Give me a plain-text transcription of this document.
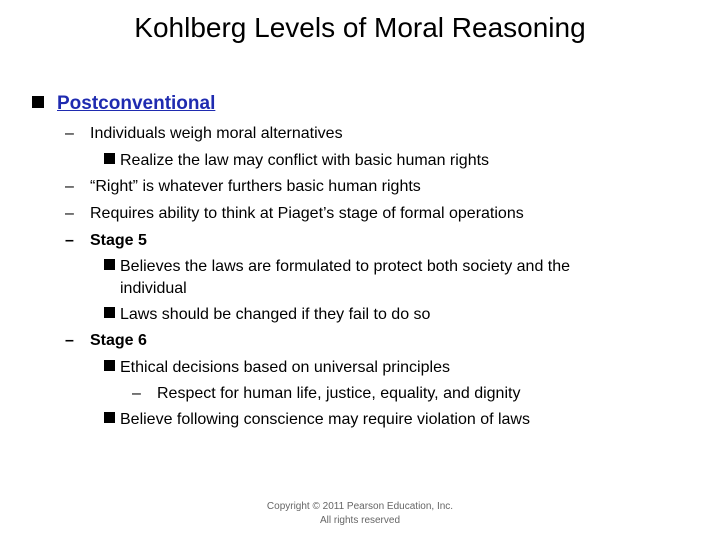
Kohlberg Levels of Moral Reasoning
Postconventional
– Individuals weigh moral alternatives
Realize the law may conflict with basic human rights
– “Right” is whatever furthers basic human rights
– Requires ability to think at Piaget’s stage of formal operations
– Stage 5
Believes the laws are formulated to protect both society and the
individual
Laws should be changed if they fail to do so
– Stage 6
Ethical decisions based on universal principles
– Respect for human life, justice, equality, and dignity
Believe following conscience may require violation of laws
Copyright © 2011 Pearson Education, Inc.
All rights reserved
